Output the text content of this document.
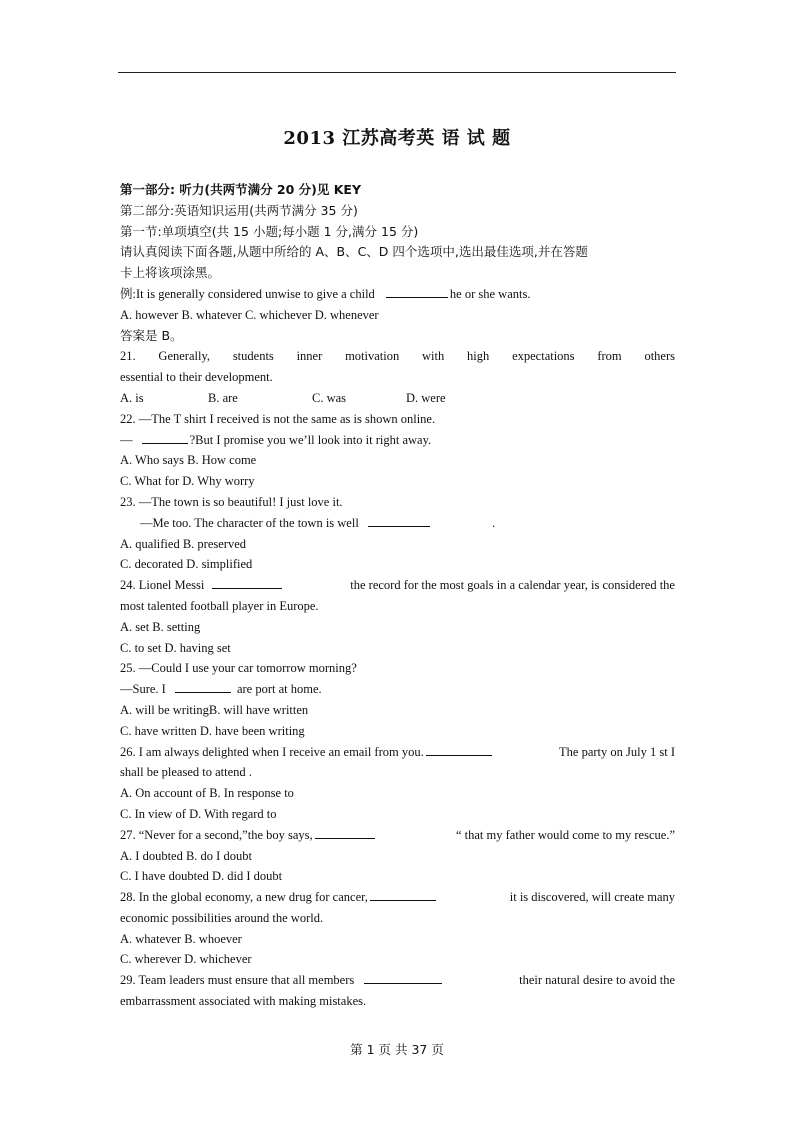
2013 江苏高考英 语 试 题
第一部分: 听力(共两节满分 20 分)见 KEY
第二部分:英语知识运用(共两节满分 35 分)
第一节:单项填空(共 15 小题;每小题 1 分,满分 15 分)
请认真阅读下面各题,从题中所给的 A、B、C、D 四个选项中,选出最佳选项,并在答题
卡上将该项涂黑。
例:It is generally considered unwise to give a child	he or she wants.
A. however B. whatever C. whichever D. whenever
答案是 B。
21. Generally, students inner motivation with high expectations from others
essential to their development.
A. is	B. are	C. was	D. were
22. —The T shirt I received is not the same as is shown online.
—	?But I promise you we’ll look into it right away.
A. Who says B. How come
C. What for D. Why worry
23. —The town is so beautiful! I just love it.
—Me too. The character of the town is well	.
A. qualified B. preserved
C. decorated D. simplified
24. Lionel Messi	the record for the most goals in a calendar year, is considered the
most talented football player in Europe.
A. set B. setting
C. to set D. having set
25. —Could I use your car tomorrow morning?
—Sure. I	are port at home.
A. will be writingB. will have written
C. have written D. have been writing
26. I am always delighted when I receive an email from you.	The party on July 1 st I
shall be pleased to attend .
A. On account of B. In response to
C. In view of D. With regard to
27. “Never for a second,”the boy says,	“ that my father would come to my rescue.”
A. I doubted B. do I doubt
C. I have doubted D. did I doubt
28. In the global economy, a new drug for cancer,	it is discovered, will create many
economic possibilities around the world.
A. whatever B. whoever
C. wherever D. whichever
29. Team leaders must ensure that all members	their natural desire to avoid the
embarrassment associated with making mistakes.
第 1 页 共 37 页
